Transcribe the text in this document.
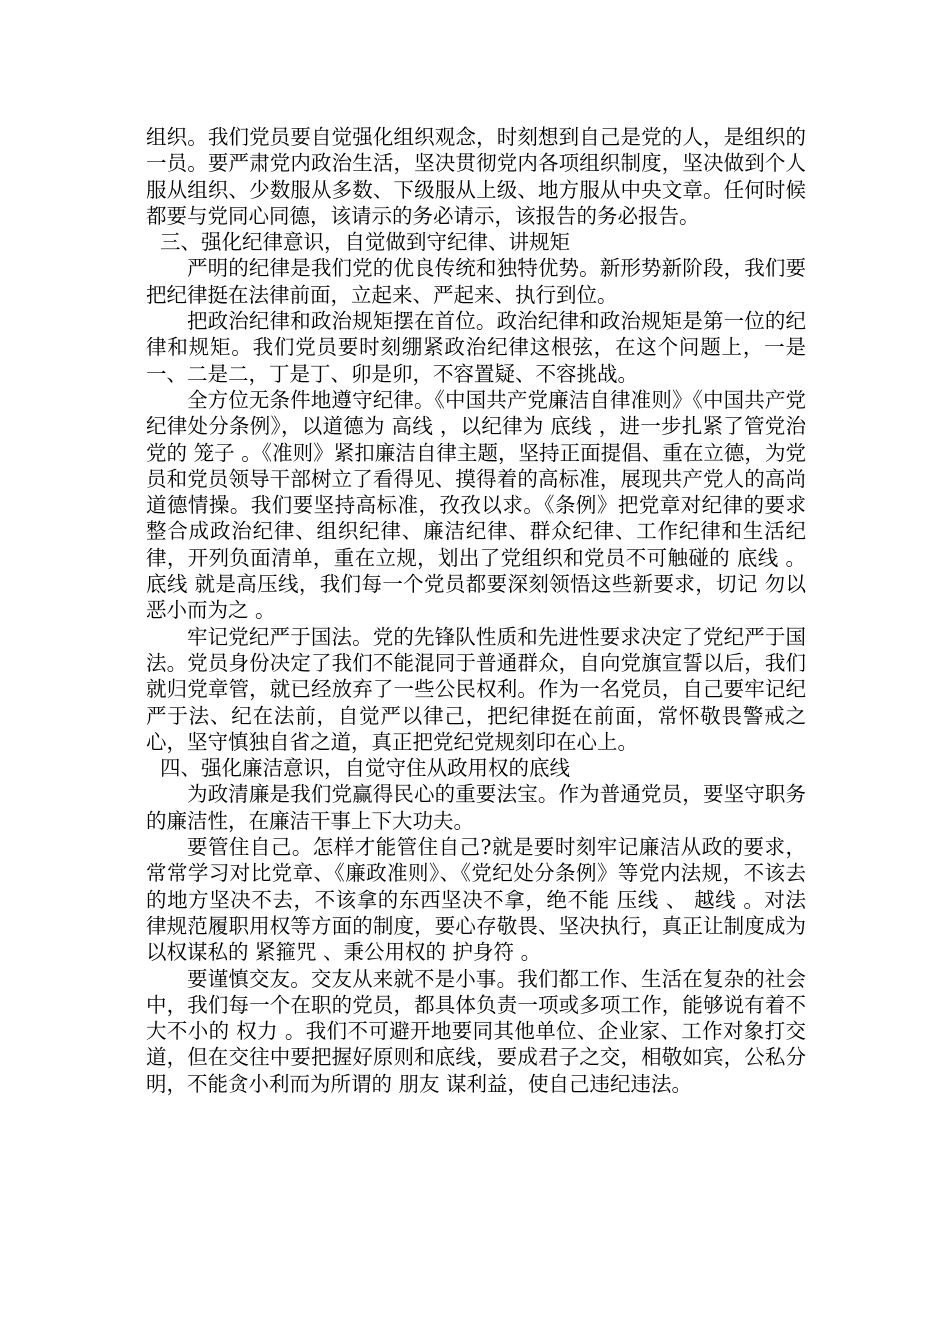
组织。我们党员要自觉强化组织观念，时刻想到自己是党的人，是组织的一员。要严肃党内政治生活，坚决贯彻党内各项组织制度，坚决做到个人服从组织、少数服从多数、下级服从上级、地方服从中央文章。任何时候都要与党同心同德，该请示的务必请示，该报告的务必报告。

三、强化纪律意识，自觉做到守纪律、讲规矩

严明的纪律是我们党的优良传统和独特优势。新形势新阶段，我们要把纪律挺在法律前面，立起来、严起来、执行到位。

把政治纪律和政治规矩摆在首位。政治纪律和政治规矩是第一位的纪律和规矩。我们党员要时刻绷紧政治纪律这根弦，在这个问题上，一是一、二是二，丁是丁、卯是卯，不容置疑、不容挑战。

全方位无条件地遵守纪律。《中国共产党廉洁自律准则》《中国共产党纪律处分条例》，以道德为 高线 ，以纪律为 底线 ，进一步扎紧了管党治党的 笼子 。《准则》紧扣廉洁自律主题，坚持正面提倡、重在立德，为党员和党员领导干部树立了看得见、摸得着的高标准，展现共产党人的高尚道德情操。我们要坚持高标准，孜孜以求。《条例》把党章对纪律的要求整合成政治纪律、组织纪律、廉洁纪律、群众纪律、工作纪律和生活纪律，开列负面清单，重在立规，划出了党组织和党员不可触碰的 底线 。 底线 就是高压线，我们每一个党员都要深刻领悟这些新要求，切记 勿以恶小而为之 。

牢记党纪严于国法。党的先锋队性质和先进性要求决定了党纪严于国法。党员身份决定了我们不能混同于普通群众，自向党旗宣誓以后，我们就归党章管，就已经放弃了一些公民权利。作为一名党员，自己要牢记纪严于法、纪在法前，自觉严以律己，把纪律挺在前面，常怀敬畏警戒之心，坚守慎独自省之道，真正把党纪党规刻印在心上。

四、强化廉洁意识，自觉守住从政用权的底线

为政清廉是我们党赢得民心的重要法宝。作为普通党员，要坚守职务的廉洁性，在廉洁干事上下大功夫。

要管住自己。怎样才能管住自己?就是要时刻牢记廉洁从政的要求，常常学习对比党章、《廉政准则》、《党纪处分条例》等党内法规，不该去的地方坚决不去，不该拿的东西坚决不拿，绝不能 压线 、 越线 。对法律规范履职用权等方面的制度，要心存敬畏、坚决执行，真正让制度成为以权谋私的 紧箍咒 、秉公用权的 护身符 。

要谨慎交友。交友从来就不是小事。我们都工作、生活在复杂的社会中，我们每一个在职的党员，都具体负责一项或多项工作，能够说有着不大不小的 权力 。我们不可避开地要同其他单位、企业家、工作对象打交道，但在交往中要把握好原则和底线，要成君子之交，相敬如宾，公私分明，不能贪小利而为所谓的 朋友 谋利益，使自己违纪违法。
